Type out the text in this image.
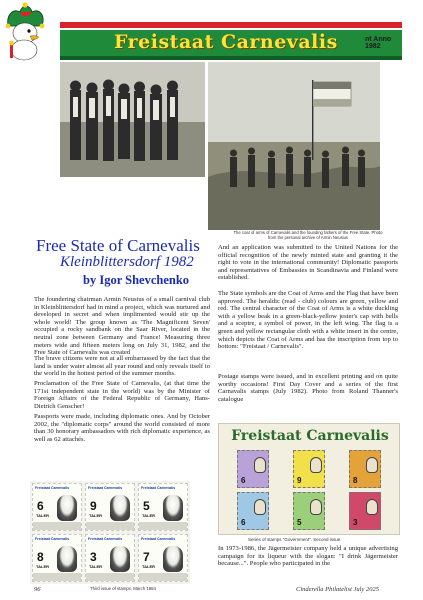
Freistaat Carnevalis	nt Anno 1982
The coat of arms of Carnevalis and the founding fathers of the Free State. Photo from the personal archive of Armin Neusius
Free State of Carnevalis
Kleinblittersdorf 1982
by Igor Shevchenko
The foundering chairman Armin Neusius of a small carnival club in Kleinblittersdorf had in mind a project, which was nurtured and developed in secret and when implimented would stir up the whole world! The group known as 'The Magnificent Seven' occupied a rocky sandbank on the Saar River, located in the neutral zone between Germany and France! Measuring three meters wide and fifteen meters long on July 31, 1982, and the Free State of Carnevalis was created
The brave citizens were not at all embarrassed by the fact that the land is under water almost all year round and only reveals itself to the world in the hottest period of the summer months.
Proclamation of the Free State of Carnevalis, (at that time the 171st independent state in the world) was by the Minister of Foreign Affairs of the Federal Republic of Germany, Hans-Dietrich Genscher!
Passports were made, including diplomatic ones. And by October 2002, the "diplomatic corps" around the world consisted of more than 30 honorary ambassadors with rich diplomatic experience, as well as 62 attachés.
And an application was submitted to the United Nations for the official recognition of the newly minted state and granting it the right to vote in the international community! Diplomatic passports and representatives of Embassies in Scandinavia and Finland were established.
The State symbols are the Coat of Arms and the Flag that have been approved. The heraldic (read - club) colours are green, yellow and red. The central character of the Coat of Arms is a white duckling with a yellow beak in a green-black-yellow jester's cap with bells and a sceptre, a symbol of power, in the left wing. The flag is a green and yellow rectangular cloth with a white insert in the centre, which depicts the Coat of Arms and has the inscription from top to bottom: "Freistaat / Carnevalis".
Postage stamps were issued, and in excellent printing and on quite worthy occasions! First Day Cover and a series of the first Carnavalis stamps (July 1982). Photo from Roland Thanner's catalogue
In 1973-1986, the Jägermeister company held a unique advertising campaign for its liqueur with the slogan: "I drink Jägermeister because...". People who participated in the
Freistaat Carnevalis
6
TALER
Freistaat Carnevalis
9
TALER
Freistaat Carnevalis
5
TALER
Freistaat Carnevalis
8
TALER
Freistaat Carnevalis
3
TALER
Freistaat Carnevalis
7
TALER
Third issue of stamps, March 1984
Freistaat Carnevalis
6	9	8
6	5	3
Series of stamps "Government". Second issue.
96	Cinderella Philatelist July 2025
